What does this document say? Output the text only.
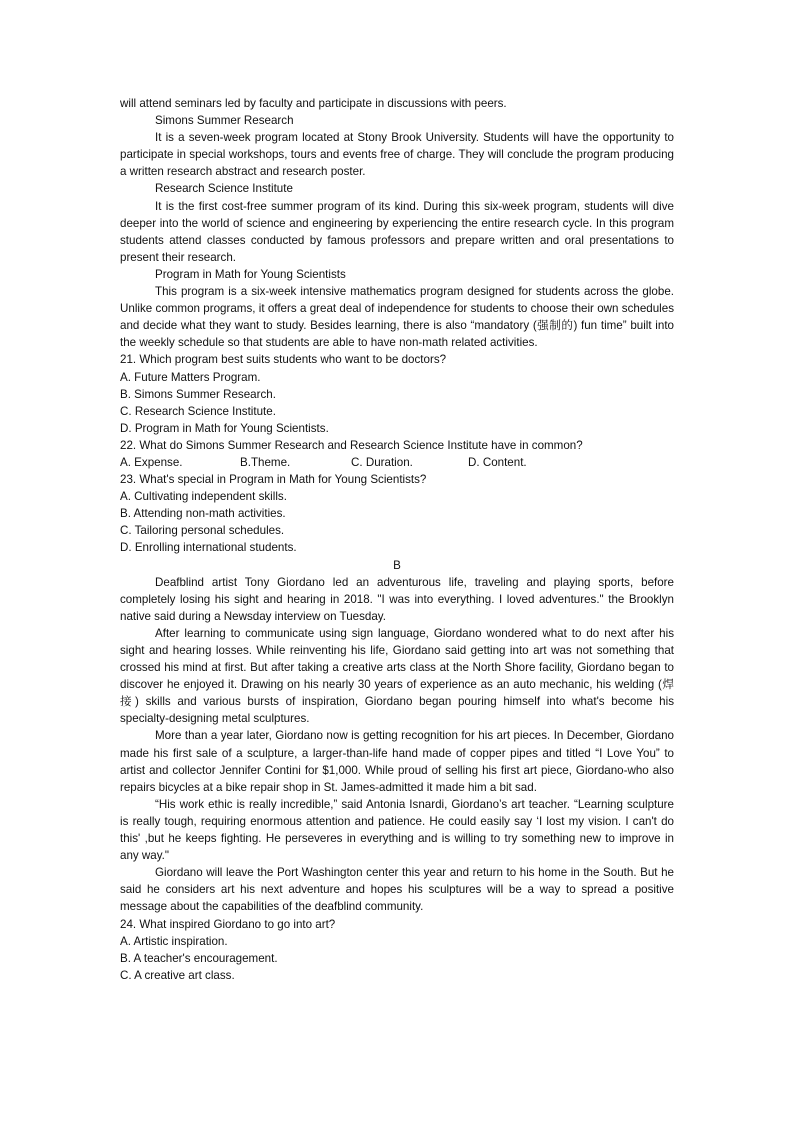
will attend seminars led by faculty and participate in discussions with peers.

Simons Summer Research

It is a seven-week program located at Stony Brook University. Students will have the opportunity to participate in special workshops, tours and events free of charge. They will conclude the program producing a written research abstract and research poster.

Research Science Institute

It is the first cost-free summer program of its kind. During this six-week program, students will dive deeper into the world of science and engineering by experiencing the entire research cycle. In this program students attend classes conducted by famous professors and prepare written and oral presentations to present their research.

Program in Math for Young Scientists

This program is a six-week intensive mathematics program designed for students across the globe. Unlike common programs, it offers a great deal of independence for students to choose their own schedules and decide what they want to study. Besides learning, there is also “mandatory (强制的) fun time” built into the weekly schedule so that students are able to have non-math related activities.

21. Which program best suits students who want to be doctors?

A. Future Matters Program.

B. Simons Summer Research.

C. Research Science Institute.

D. Program in Math for Young Scientists.

22. What do Simons Summer Research and Research Science Institute have in common?

A. Expense.	B.Theme.	C. Duration.	D. Content.

23. What's special in Program in Math for Young Scientists?

A. Cultivating independent skills.

B. Attending non-math activities.

C. Tailoring personal schedules.

D. Enrolling international students.

B

Deafblind artist Tony Giordano led an adventurous life, traveling and playing sports, before completely losing his sight and hearing in 2018. "I was into everything. I loved adventures." the Brooklyn native said during a Newsday interview on Tuesday.

After learning to communicate using sign language, Giordano wondered what to do next after his sight and hearing losses. While reinventing his life, Giordano said getting into art was not something that crossed his mind at first. But after taking a creative arts class at the North Shore facility, Giordano began to discover he enjoyed it. Drawing on his nearly 30 years of experience as an auto mechanic, his welding (焊接) skills and various bursts of inspiration, Giordano began pouring himself into what's become his specialty-designing metal sculptures.

More than a year later, Giordano now is getting recognition for his art pieces. In December, Giordano made his first sale of a sculpture, a larger-than-life hand made of copper pipes and titled “I Love You” to artist and collector Jennifer Contini for $1,000. While proud of selling his first art piece, Giordano-who also repairs bicycles at a bike repair shop in St. James-admitted it made him a bit sad.

“His work ethic is really incredible,” said Antonia Isnardi, Giordano’s art teacher. “Learning sculpture is really tough, requiring enormous attention and patience. He could easily say ‘I lost my vision. I can't do this' ,but he keeps fighting. He perseveres in everything and is willing to try something new to improve in any way."

Giordano will leave the Port Washington center this year and return to his home in the South. But he said he considers art his next adventure and hopes his sculptures will be a way to spread a positive message about the capabilities of the deafblind community.

24. What inspired Giordano to go into art?

A. Artistic inspiration.

B. A teacher's encouragement.

C. A creative art class.
